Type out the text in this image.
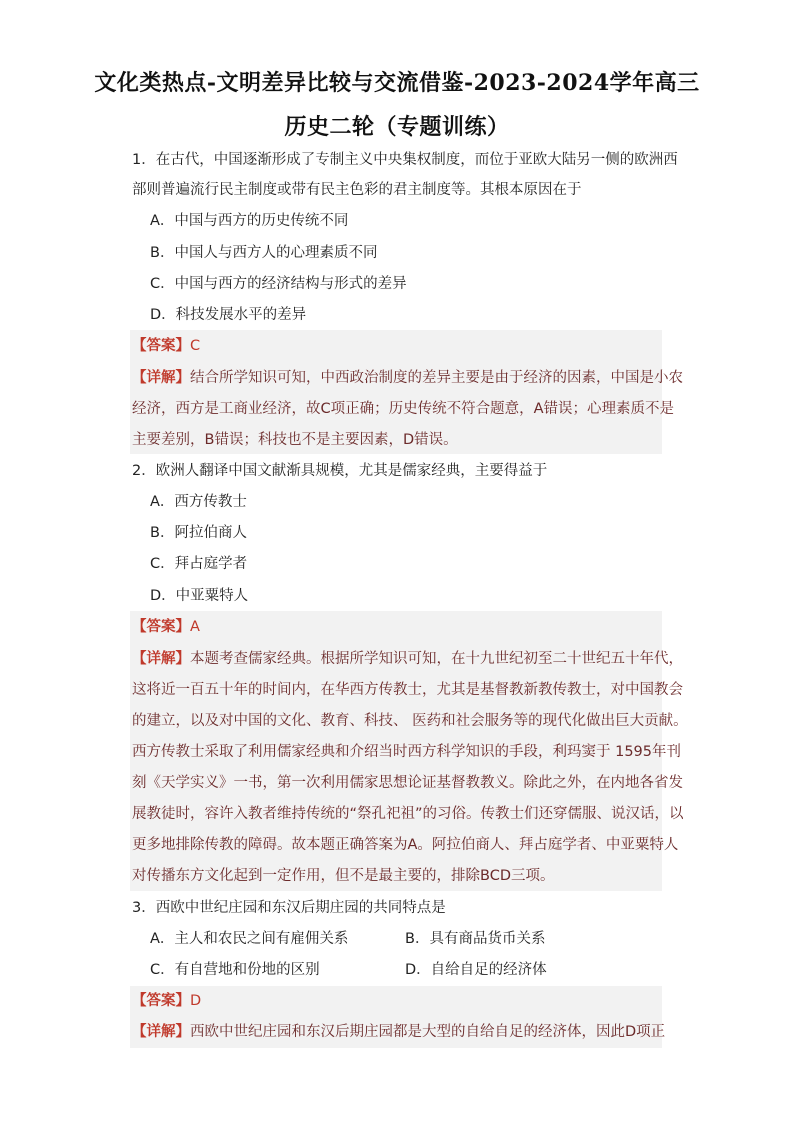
文化类热点-文明差异比较与交流借鉴-2023-2024学年高三
历史二轮（专题训练）
1．在古代，中国逐渐形成了专制主义中央集权制度，而位于亚欧大陆另一侧的欧洲西
部则普遍流行民主制度或带有民主色彩的君主制度等。其根本原因在于
A．中国与西方的历史传统不同
B．中国人与西方人的心理素质不同
C．中国与西方的经济结构与形式的差异
D．科技发展水平的差异
【答案】C
【详解】结合所学知识可知，中西政治制度的差异主要是由于经济的因素，中国是小农
经济，西方是工商业经济，故C项正确；历史传统不符合题意，A错误；心理素质不是
主要差别，B错误；科技也不是主要因素，D错误。
2．欧洲人翻译中国文献渐具规模，尤其是儒家经典，主要得益于
A．西方传教士
B．阿拉伯商人
C．拜占庭学者
D．中亚粟特人
【答案】A
【详解】本题考查儒家经典。根据所学知识可知，在十九世纪初至二十世纪五十年代，
这将近一百五十年的时间内，在华西方传教士，尤其是基督教新教传教士，对中国教会
的建立，以及对中国的文化、教育、科技、 医药和社会服务等的现代化做出巨大贡献。
西方传教士采取了利用儒家经典和介绍当时西方科学知识的手段，利玛窦于 1595年刊
刻《天学实义》一书，第一次利用儒家思想论证基督教教义。除此之外，在内地各省发
展教徒时，容许入教者维持传统的“祭孔祀祖”的习俗。传教士们还穿儒服、说汉话，以
更多地排除传教的障碍。故本题正确答案为A。阿拉伯商人、拜占庭学者、中亚粟特人
对传播东方文化起到一定作用，但不是最主要的，排除BCD三项。
3．西欧中世纪庄园和东汉后期庄园的共同特点是
A．主人和农民之间有雇佣关系	B．具有商品货币关系
C．有自营地和份地的区别	D．自给自足的经济体
【答案】D
【详解】西欧中世纪庄园和东汉后期庄园都是大型的自给自足的经济体，因此D项正
